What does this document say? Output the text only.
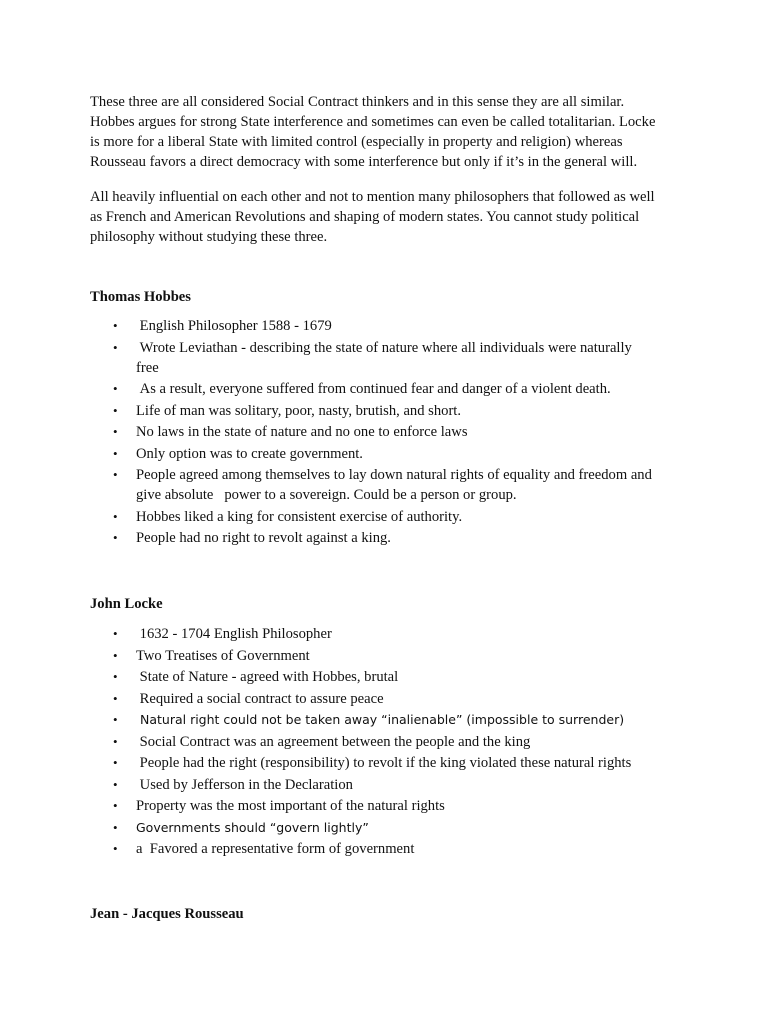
These three are all considered Social Contract thinkers and in this sense they are all similar.
Hobbes argues for strong State interference and sometimes can even be called totalitarian. Locke
is more for a liberal State with limited control (especially in property and religion) whereas
Rousseau favors a direct democracy with some interference but only if it’s in the general will.

All heavily influential on each other and not to mention many philosophers that followed as well
as French and American Revolutions and shaping of modern states. You cannot study political
philosophy without studying these three.

Thomas Hobbes

• English Philosopher 1588 - 1679
• Wrote Leviathan - describing the state of nature where all individuals were naturally
free
• As a result, everyone suffered from continued fear and danger of a violent death.
• Life of man was solitary, poor, nasty, brutish, and short.
• No laws in the state of nature and no one to enforce laws
• Only option was to create government.
• People agreed among themselves to lay down natural rights of equality and freedom and
give absolute   power to a sovereign. Could be a person or group.
• Hobbes liked a king for consistent exercise of authority.
• People had no right to revolt against a king.

John Locke

• 1632 - 1704 English Philosopher
• Two Treatises of Government
• State of Nature - agreed with Hobbes, brutal
• Required a social contract to assure peace
• Natural right could not be taken away “inalienable” (impossible to surrender)
• Social Contract was an agreement between the people and the king
• People had the right (responsibility) to revolt if the king violated these natural rights
• Used by Jefferson in the Declaration
• Property was the most important of the natural rights
• Governments should “govern lightly”
• a  Favored a representative form of government

Jean - Jacques Rousseau
